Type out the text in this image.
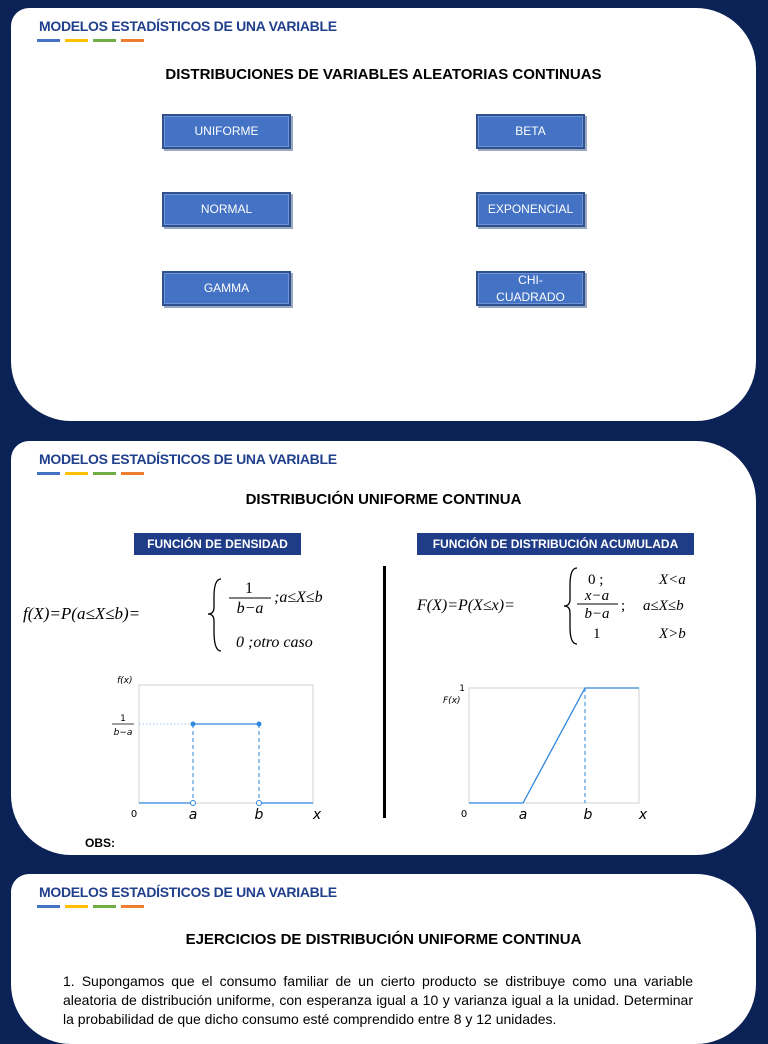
MODELOS ESTADÍSTICOS DE UNA VARIABLE
DISTRIBUCIONES DE VARIABLES ALEATORIAS CONTINUAS
UNIFORME	BETA
NORMAL	EXPONENCIAL
GAMMA
CHI-CUADRADO
MODELOS ESTADÍSTICOS DE UNA VARIABLE
DISTRIBUCIÓN UNIFORME CONTINUA
FUNCIÓN DE DENSIDAD	FUNCIÓN DE DISTRIBUCIÓN ACUMULADA
f(X)=P(a≤X≤b)=
1
b−a
;a≤X≤b
0 ;otro caso
F(X)=P(X≤x)=
0 ;	X<a
x−a
b−a ; a≤X≤b
1	X>b
f(x)
1
b−a
0	a	b	x
1
F(x)
0	a	b	x
OBS:
MODELOS ESTADÍSTICOS DE UNA VARIABLE
EJERCICIOS DE DISTRIBUCIÓN UNIFORME CONTINUA
1. Supongamos que el consumo familiar de un cierto producto se distribuye como una variable aleatoria de distribución uniforme, con esperanza igual a 10 y varianza igual a la unidad. Determinar la probabilidad de que dicho consumo esté comprendido entre 8 y 12 unidades.
